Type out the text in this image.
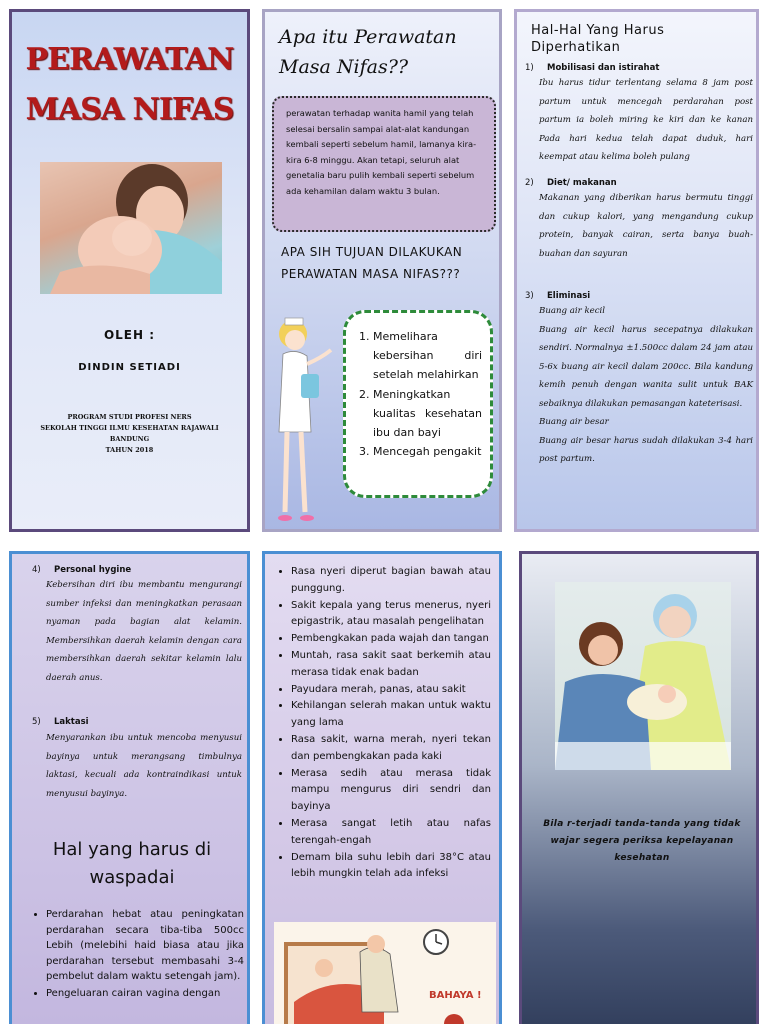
PERAWATAN
MASA NIFAS
OLEH :
DINDIN SETIADI
PROGRAM STUDI PROFESI NERS
SEKOLAH TINGGI ILMU KESEHATAN RAJAWALI BANDUNG
TAHUN 2018
Apa itu Perawatan Masa Nifas??
perawatan terhadap wanita hamil yang telah selesai bersalin sampai alat-alat kandungan kembali seperti sebelum hamil, lamanya kira-kira 6-8 minggu. Akan tetapi, seluruh alat genetalia baru pulih kembali seperti sebelum ada kehamilan dalam waktu 3 bulan.
APA SIH TUJUAN DILAKUKAN PERAWATAN MASA NIFAS???
1. Memelihara kebersihan diri setelah melahirkan
2. Meningkatkan kualitas kesehatan ibu dan bayi
3. Mencegah pengakit
Hal-Hal Yang Harus Diperhatikan
1) Mobilisasi dan istirahat
Ibu harus tidur terlentang selama 8 jam post partum untuk mencegah perdarahan post partum ia boleh miring ke kiri dan ke kanan Pada hari kedua telah dapat duduk, hari keempat atau kelima boleh pulang
2) Diet/ makanan
Makanan yang diberikan harus bermutu tinggi dan cukup kalori, yang mengandung cukup protein, banyak cairan, serta banya buah-buahan dan sayuran
3) Eliminasi
Buang air kecil
Buang air kecil harus secepatnya dilakukan sendiri. Normalnya ±1.500cc dalam 24 jam atau 5-6x buang air kecil dalam 200cc. Bila kandung kemih penuh dengan wanita sulit untuk BAK sebaiknya dilakukan pemasangan kateterisasi.
Buang air besar
Buang air besar harus sudah dilakukan 3-4 hari post partum.
4) Personal hygine
Kebersihan diri ibu membantu mengurangi sumber infeksi dan meningkatkan perasaan nyaman pada bagian alat kelamin. Membersihkan daerah kelamin dengan cara membersihkan daerah sekitar kelamin lalu daerah anus.
5) Laktasi
Menyarankan ibu untuk mencoba menyusui bayinya untuk merangsang timbulnya laktasi, kecuali ada kontraindikasi untuk menyusui bayinya.
Hal yang harus di waspadai
• Perdarahan hebat atau peningkatan perdarahan secara tiba-tiba 500cc Lebih (melebihi haid biasa atau jika perdarahan tersebut membasahi 3-4 pembelut dalam waktu setengah jam).
• Pengeluaran cairan vagina dengan
• Rasa nyeri diperut bagian bawah atau punggung.
• Sakit kepala yang terus menerus, nyeri epigastrik, atau masalah pengelihatan
• Pembengkakan pada wajah dan tangan
• Muntah, rasa sakit saat berkemih atau merasa tidak enak badan
• Payudara merah, panas, atau sakit
• Kehilangan selerah makan untuk waktu yang lama
• Rasa sakit, warna merah, nyeri tekan dan pembengkakan pada kaki
• Merasa sedih atau merasa tidak mampu mengurus diri sendri dan bayinya
• Merasa sangat letih atau nafas terengah-engah
• Demam bila suhu lebih dari 38°C atau lebih mungkin telah ada infeksi
BAHAYA !
Bila r-terjadi tanda-tanda yang tidak wajar segera periksa kepelayanan kesehatan
